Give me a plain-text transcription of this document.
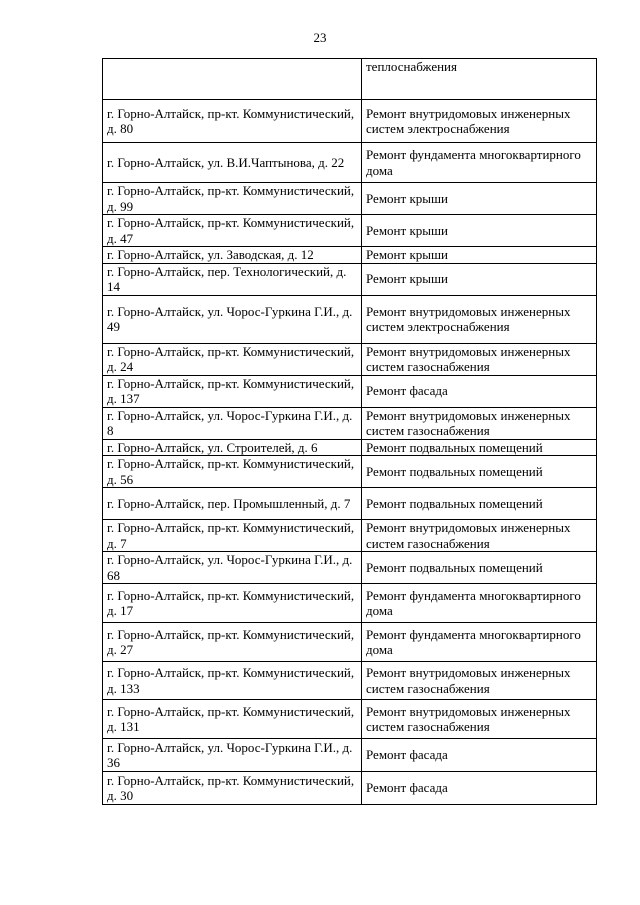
23
	теплоснабжения
г. Горно-Алтайск, пр-кт. Коммунистический, д. 80	Ремонт внутридомовых инженерных систем электроснабжения
г. Горно-Алтайск, ул. В.И.Чаптынова, д. 22	Ремонт фундамента многоквартирного дома
г. Горно-Алтайск, пр-кт. Коммунистический, д. 99	Ремонт крыши
г. Горно-Алтайск, пр-кт. Коммунистический, д. 47	Ремонт крыши
г. Горно-Алтайск, ул. Заводская, д. 12	Ремонт крыши
г. Горно-Алтайск, пер. Технологический, д. 14	Ремонт крыши
г. Горно-Алтайск, ул. Чорос-Гуркина Г.И., д. 49	Ремонт внутридомовых инженерных систем электроснабжения
г. Горно-Алтайск, пр-кт. Коммунистический, д. 24	Ремонт внутридомовых инженерных систем газоснабжения
г. Горно-Алтайск, пр-кт. Коммунистический, д. 137	Ремонт фасада
г. Горно-Алтайск, ул. Чорос-Гуркина Г.И., д. 8	Ремонт внутридомовых инженерных систем газоснабжения
г. Горно-Алтайск, ул. Строителей, д. 6	Ремонт подвальных помещений
г. Горно-Алтайск, пр-кт. Коммунистический, д. 56	Ремонт подвальных помещений
г. Горно-Алтайск, пер. Промышленный, д. 7	Ремонт подвальных помещений
г. Горно-Алтайск, пр-кт. Коммунистический, д. 7	Ремонт внутридомовых инженерных систем газоснабжения
г. Горно-Алтайск, ул. Чорос-Гуркина Г.И., д. 68	Ремонт подвальных помещений
г. Горно-Алтайск, пр-кт. Коммунистический, д. 17	Ремонт фундамента многоквартирного дома
г. Горно-Алтайск, пр-кт. Коммунистический, д. 27	Ремонт фундамента многоквартирного дома
г. Горно-Алтайск, пр-кт. Коммунистический, д. 133	Ремонт внутридомовых инженерных систем газоснабжения
г. Горно-Алтайск, пр-кт. Коммунистический, д. 131	Ремонт внутридомовых инженерных систем газоснабжения
г. Горно-Алтайск, ул. Чорос-Гуркина Г.И., д. 36	Ремонт фасада
г. Горно-Алтайск, пр-кт. Коммунистический, д. 30	Ремонт фасада
